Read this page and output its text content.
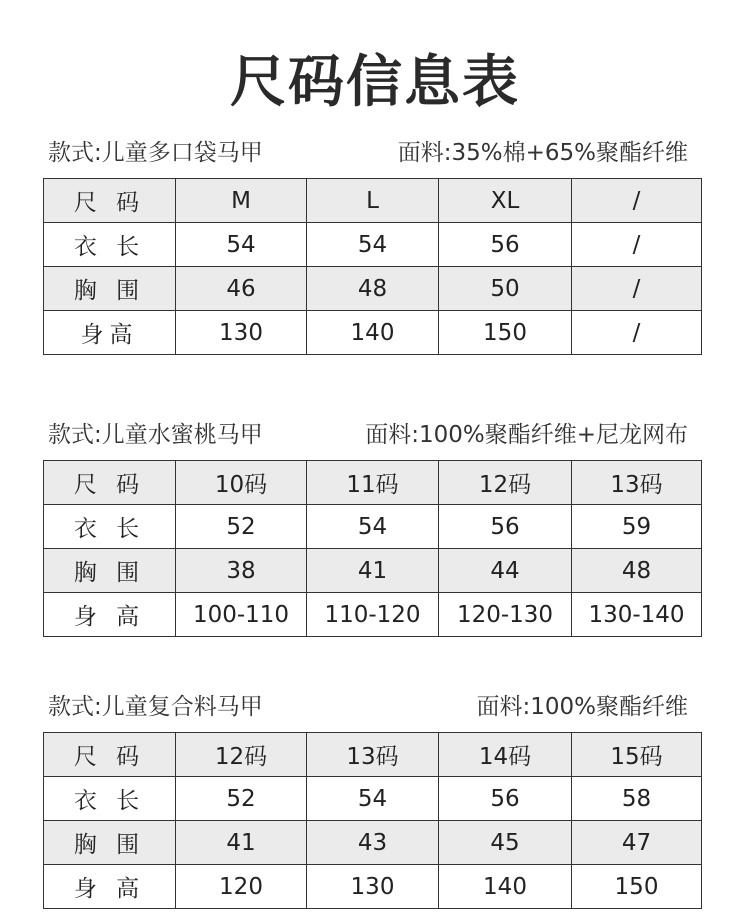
尺码信息表
款式:儿童多口袋马甲	面料:35%棉+65%聚酯纤维
尺 码	M	L	XL	/
衣 长	54	54	56	/
胸 围	46	48	50	/
身高	130	140	150	/
款式:儿童水蜜桃马甲	面料:100%聚酯纤维+尼龙网布
尺 码	10码	11码	12码	13码
衣 长	52	54	56	59
胸 围	38	41	44	48
身 高	100-110	110-120	120-130	130-140
款式:儿童复合料马甲	面料:100%聚酯纤维
尺 码	12码	13码	14码	15码
衣 长	52	54	56	58
胸 围	41	43	45	47
身 高	120	130	140	150
